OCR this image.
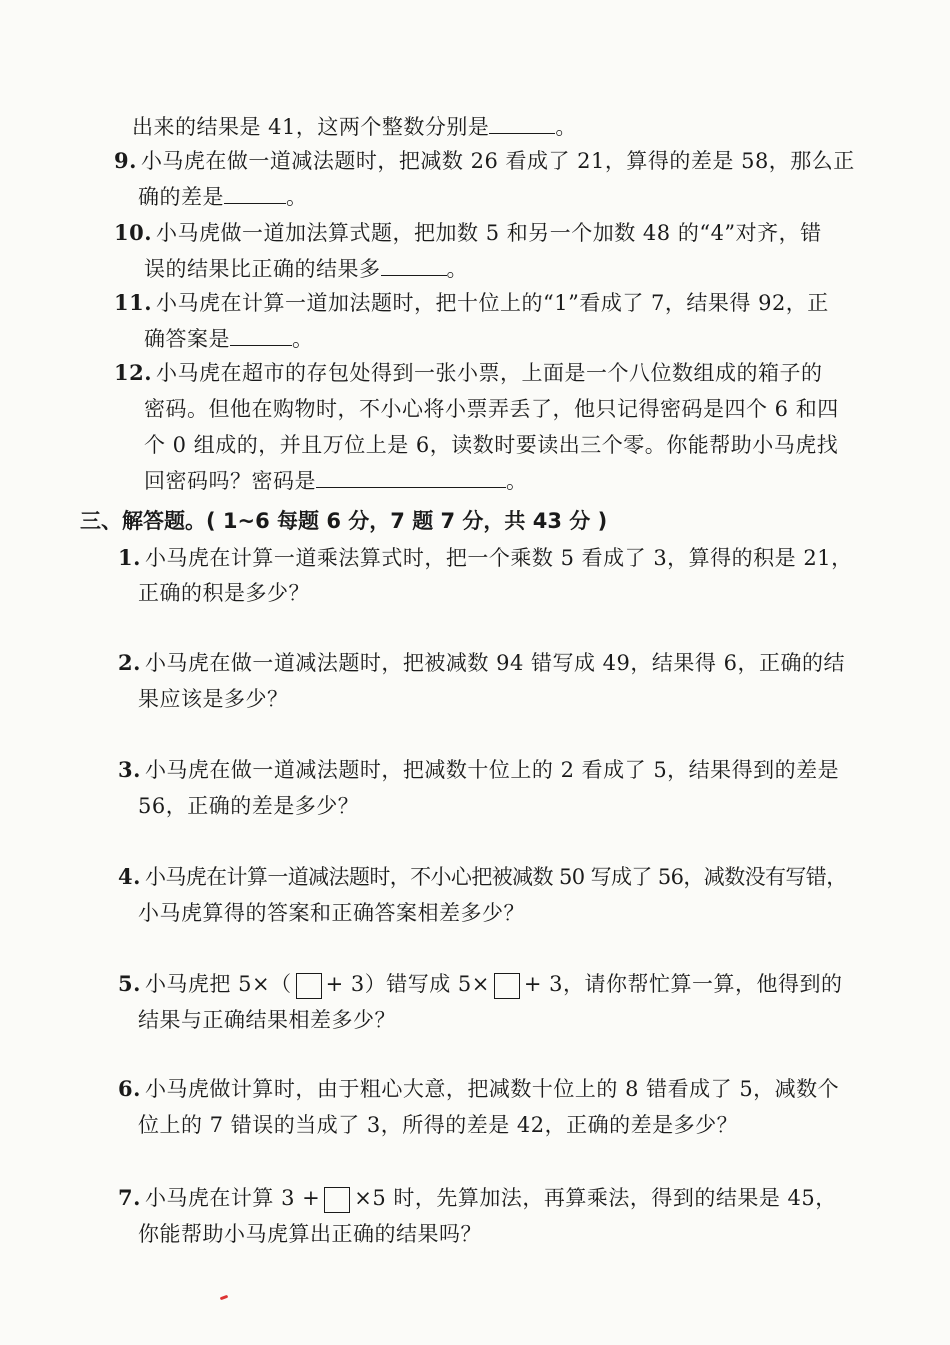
出来的结果是 41，这两个整数分别是	。
9. 小马虎在做一道减法题时，把减数 26 看成了 21，算得的差是 58，那么正
确的差是	。
10. 小马虎做一道加法算式题，把加数 5 和另一个加数 48 的“4”对齐，错
误的结果比正确的结果多	。
11. 小马虎在计算一道加法题时，把十位上的“1”看成了 7，结果得 92，正
确答案是	。
12. 小马虎在超市的存包处得到一张小票，上面是一个八位数组成的箱子的
密码。但他在购物时，不小心将小票弄丢了，他只记得密码是四个 6 和四
个 0 组成的，并且万位上是 6，读数时要读出三个零。你能帮助小马虎找
回密码吗？密码是	。
三、解答题。( 1~6 每题 6 分，7 题 7 分，共 43 分 )
1. 小马虎在计算一道乘法算式时，把一个乘数 5 看成了 3，算得的积是 21，
正确的积是多少？
2. 小马虎在做一道减法题时，把被减数 94 错写成 49，结果得 6，正确的结
果应该是多少？
3. 小马虎在做一道减法题时，把减数十位上的 2 看成了 5，结果得到的差是
56，正确的差是多少？
4. 小马虎在计算一道减法题时，不小心把被减数 50 写成了 56，减数没有写错，
小马虎算得的答案和正确答案相差多少？
5. 小马虎把 5×（ + 3）错写成 5× + 3，请你帮忙算一算，他得到的
结果与正确结果相差多少？
6. 小马虎做计算时，由于粗心大意，把减数十位上的 8 错看成了 5，减数个
位上的 7 错误的当成了 3，所得的差是 42，正确的差是多少？
7. 小马虎在计算 3 + ×5 时，先算加法，再算乘法，得到的结果是 45，
你能帮助小马虎算出正确的结果吗？
